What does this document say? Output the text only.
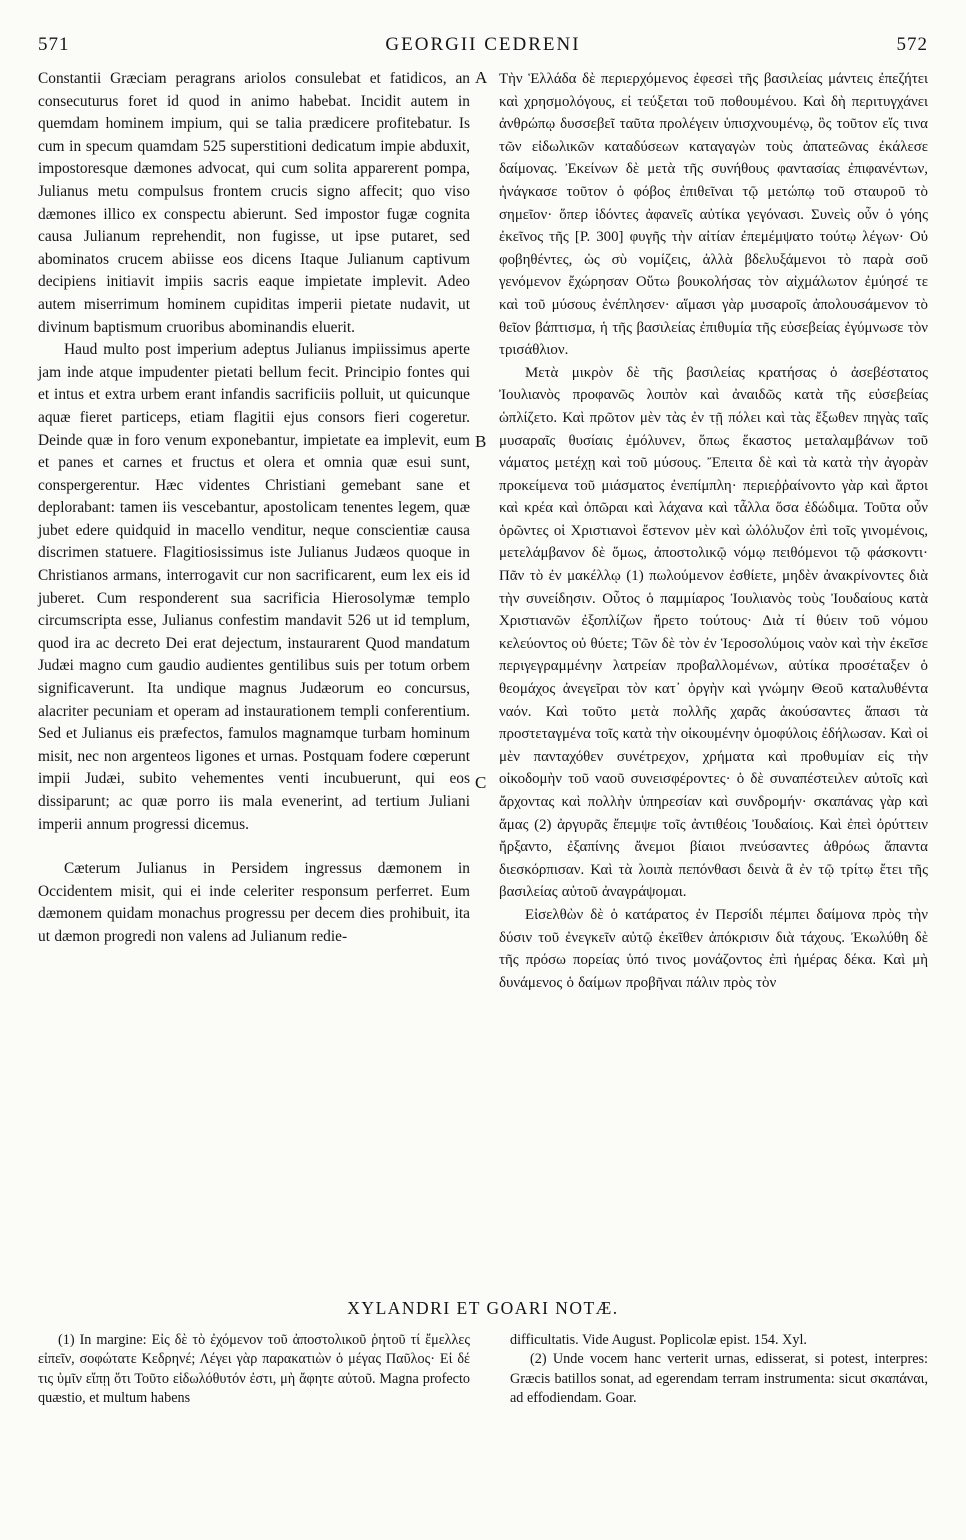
571	GEORGII CEDRENI	572

Constantii Græciam peragrans ariolos consulebat et fatidicos, an consecuturus foret id quod in animo habebat. Incidit autem in quemdam hominem impium, qui se talia prædicere profitebatur. Is cum in specum quamdam 525 superstitioni dedicatum impie abduxit, impostoresque dæmones advocat, qui cum solita apparerent pompa, Julianus metu compulsus frontem crucis signo affecit; quo viso dæmones illico ex conspectu abierunt. Sed impostor fugæ cognita causa Julianum reprehendit, non fugisse, ut ipse putaret, sed abominatos crucem abiisse eos dicens Itaque Julianum captivum decipiens initiavit impiis sacris eaque impietate implevit. Adeo autem miserrimum hominem cupiditas imperii pietate nudavit, ut divinum baptismum cruoribus abominandis eluerit.

Haud multo post imperium adeptus Julianus impiissimus aperte jam inde atque impudenter pietati bellum fecit. Principio fontes qui et intus et extra urbem erant infandis sacrificiis polluit, ut quicunque aquæ fieret particeps, etiam flagitii ejus consors fieri cogeretur. Deinde quæ in foro venum exponebantur, impietate ea implevit, eum et panes et carnes et fructus et olera et omnia quæ esui sunt, conspergerentur. Hæc videntes Christiani gemebant sane et deplorabant: tamen iis vescebantur, apostolicam tenentes legem, quæ jubet edere quidquid in macello venditur, neque conscientiæ causa discrimen statuere. Flagitiosissimus iste Julianus Judæos quoque in Christianos armans, interrogavit cur non sacrificarent, eum lex eis id juberet. Cum responderent sua sacrificia Hierosolymæ templo circumscripta esse, Julianus confestim mandavit 526 ut id templum, quod ira ac decreto Dei erat dejectum, instaurarent Quod mandatum Judæi magno cum gaudio audientes gentilibus suis per totum orbem significaverunt. Ita undique magnus Judæorum eo concursus, alacriter pecuniam et operam ad instaurationem templi conferentium. Sed et Julianus eis præfectos, famulos magnamque turbam hominum misit, nec non argenteos ligones et urnas. Postquam fodere cœperunt impii Judæi, subito vehementes venti incubuerunt, qui eos dissiparunt; ac quæ porro iis mala evenerint, ad tertium Juliani imperii annum progressi dicemus.

Cæterum Julianus in Persidem ingressus dæmonem in Occidentem misit, qui ei inde celeriter responsum perferret. Eum dæmonem quidam monachus progressu per decem dies prohibuit, ita ut dæmon progredi non valens ad Julianum redie-

A
B
C

Τὴν Ἑλλάδα δὲ περιερχόμενος ἐφεσεὶ τῆς βασιλείας μάντεις ἐπεζήτει καὶ χρησμολόγους, εἰ τεύξεται τοῦ ποθουμένου. Καὶ δὴ περιτυγχάνει ἀνθρώπῳ δυσσεβεῖ ταῦτα προλέγειν ὑπισχνουμένῳ, ὃς τοῦτον εἴς τινα τῶν εἰδωλικῶν καταδύσεων καταγαγὼν τοὺς ἀπατεῶνας ἐκάλεσε δαίμονας. Ἐκείνων δὲ μετὰ τῆς συνήθους φαντασίας ἐπιφανέντων, ἠνάγκασε τοῦτον ὁ φόβος ἐπιθεῖναι τῷ μετώπῳ τοῦ σταυροῦ τὸ σημεῖον· ὅπερ ἰδόντες ἀφανεῖς αὐτίκα γεγόνασι. Συνεὶς οὖν ὁ γόης ἐκεῖνος τῆς [P. 300] φυγῆς τὴν αἰτίαν ἐπεμέμψατο τούτῳ λέγων· Οὐ φοβηθέντες, ὡς σὺ νομίζεις, ἀλλὰ βδελυξάμενοι τὸ παρὰ σοῦ γενόμενον ἔχώρησαν Οὕτω βουκολήσας τὸν αἰχμάλωτον ἐμύησέ τε καὶ τοῦ μύσους ἐνέπλησεν· αἵμασι γὰρ μυσαροῖς ἀπολουσάμενον τὸ θεῖον βάπτισμα, ἡ τῆς βασιλείας ἐπιθυμία τῆς εὐσεβείας ἐγύμνωσε τὸν τρισάθλιον.

Μετὰ μικρὸν δὲ τῆς βασιλείας κρατήσας ὁ ἀσεβέστατος Ἰουλιανὸς προφανῶς λοιπὸν καὶ ἀναιδῶς κατὰ τῆς εὐσεβείας ὡπλίζετο. Καὶ πρῶτον μὲν τὰς ἐν τῇ πόλει καὶ τὰς ἔξωθεν πηγὰς ταῖς μυσαραῖς θυσίαις ἐμόλυνεν, ὅπως ἕκαστος μεταλαμβάνων τοῦ νάματος μετέχῃ καὶ τοῦ μύσους. Ἔπειτα δὲ καὶ τὰ κατὰ τὴν ἀγορὰν προκείμενα τοῦ μιάσματος ἐνεπίμπλη· περιεῤῥαίνοντο γὰρ καὶ ἄρτοι καὶ κρέα καὶ ὀπῶραι καὶ λάχανα καὶ τἆλλα ὅσα ἐδώδιμα. Τοῦτα οὖν ὁρῶντες οἱ Χριστιανοὶ ἔστενον μὲν καὶ ὠλόλυζον ἐπὶ τοῖς γινομένοις, μετελάμβανον δὲ ὅμως, ἀποστολικῷ νόμῳ πειθόμενοι τῷ φάσκοντι· Πᾶν τὸ ἐν μακέλλῳ (1) πωλούμενον ἐσθίετε, μηδὲν ἀνακρίνοντες διὰ τὴν συνείδησιν. Οὗτος ὁ παμμίαρος Ἰουλιανὸς τοὺς Ἰουδαίους κατὰ Χριστιανῶν ἐξοπλίζων ἤρετο τούτους· Διὰ τί θύειν τοῦ νόμου κελεύοντος οὐ θύετε; Τῶν δὲ τὸν ἐν Ἱεροσολύμοις ναὸν καὶ τὴν ἐκεῖσε περιγεγραμμένην λατρείαν προβαλλομένων, αὐτίκα προσέταξεν ὁ θεομάχος ἀνεγεῖραι τὸν κατ᾽ ὀργὴν καὶ γνώμην Θεοῦ καταλυθέντα ναόν. Καὶ τοῦτο μετὰ πολλῆς χαρᾶς ἀκούσαντες ἅπασι τὰ προστεταγμένα τοῖς κατὰ τὴν οἰκουμένην ὁμοφύλοις ἐδήλωσαν. Καὶ οἱ μὲν πανταχόθεν συνέτρεχον, χρήματα καὶ προθυμίαν εἰς τὴν οἰκοδομὴν τοῦ ναοῦ συνεισφέροντες· ὁ δὲ συναπέστειλεν αὐτοῖς καὶ ἄρχοντας καὶ πολλὴν ὑπηρεσίαν καὶ συνδρομήν· σκαπάνας γὰρ καὶ ἅμας (2) ἀργυρᾶς ἔπεμψε τοῖς ἀντιθέοις Ἰουδαίοις. Καὶ ἐπεὶ ὀρύττειν ἤρξαντο, ἐξαπίνης ἄνεμοι βίαιοι πνεύσαντες ἀθρόως ἅπαντα διεσκόρπισαν. Καὶ τὰ λοιπὰ πεπόνθασι δεινὰ ἃ ἐν τῷ τρίτῳ ἔτει τῆς βασιλείας αὐτοῦ ἀναγράψομαι.

Εἰσελθὼν δὲ ὁ κατάρατος ἐν Περσίδι πέμπει δαίμονα πρὸς τὴν δύσιν τοῦ ἐνεγκεῖν αὐτῷ ἐκεῖθεν ἀπόκρισιν διὰ τάχους. Ἐκωλύθη δὲ τῆς πρόσω πορείας ὑπό τινος μονάζοντος ἐπὶ ἡμέρας δέκα. Καὶ μὴ δυνάμενος ὁ δαίμων προβῆναι πάλιν πρὸς τὸν

XYLANDRI ET GOARI NOTÆ.

(1) In margine: Εἰς δὲ τὸ ἐχόμενον τοῦ ἀποστολικοῦ ῥητοῦ τί ἔμελλες εἰπεῖν, σοφώτατε Κεδρηνέ; Λέγει γὰρ παρακατιὼν ὁ μέγας Παῦλος· Εἰ δέ τις ὑμῖν εἴπῃ ὅτι Τοῦτο εἰδωλόθυτόν ἐστι, μὴ ἄφητε αὐτοῦ. Magna profecto quæstio, et multum habens

difficultatis. Vide August. Poplicolæ epist. 154. Xyl.

(2) Unde vocem hanc verterit urnas, edisserat, si potest, interpres: Græcis batillos sonat, ad egerendam terram instrumenta: sicut σκαπάναι, ad effodiendam. Goar.
